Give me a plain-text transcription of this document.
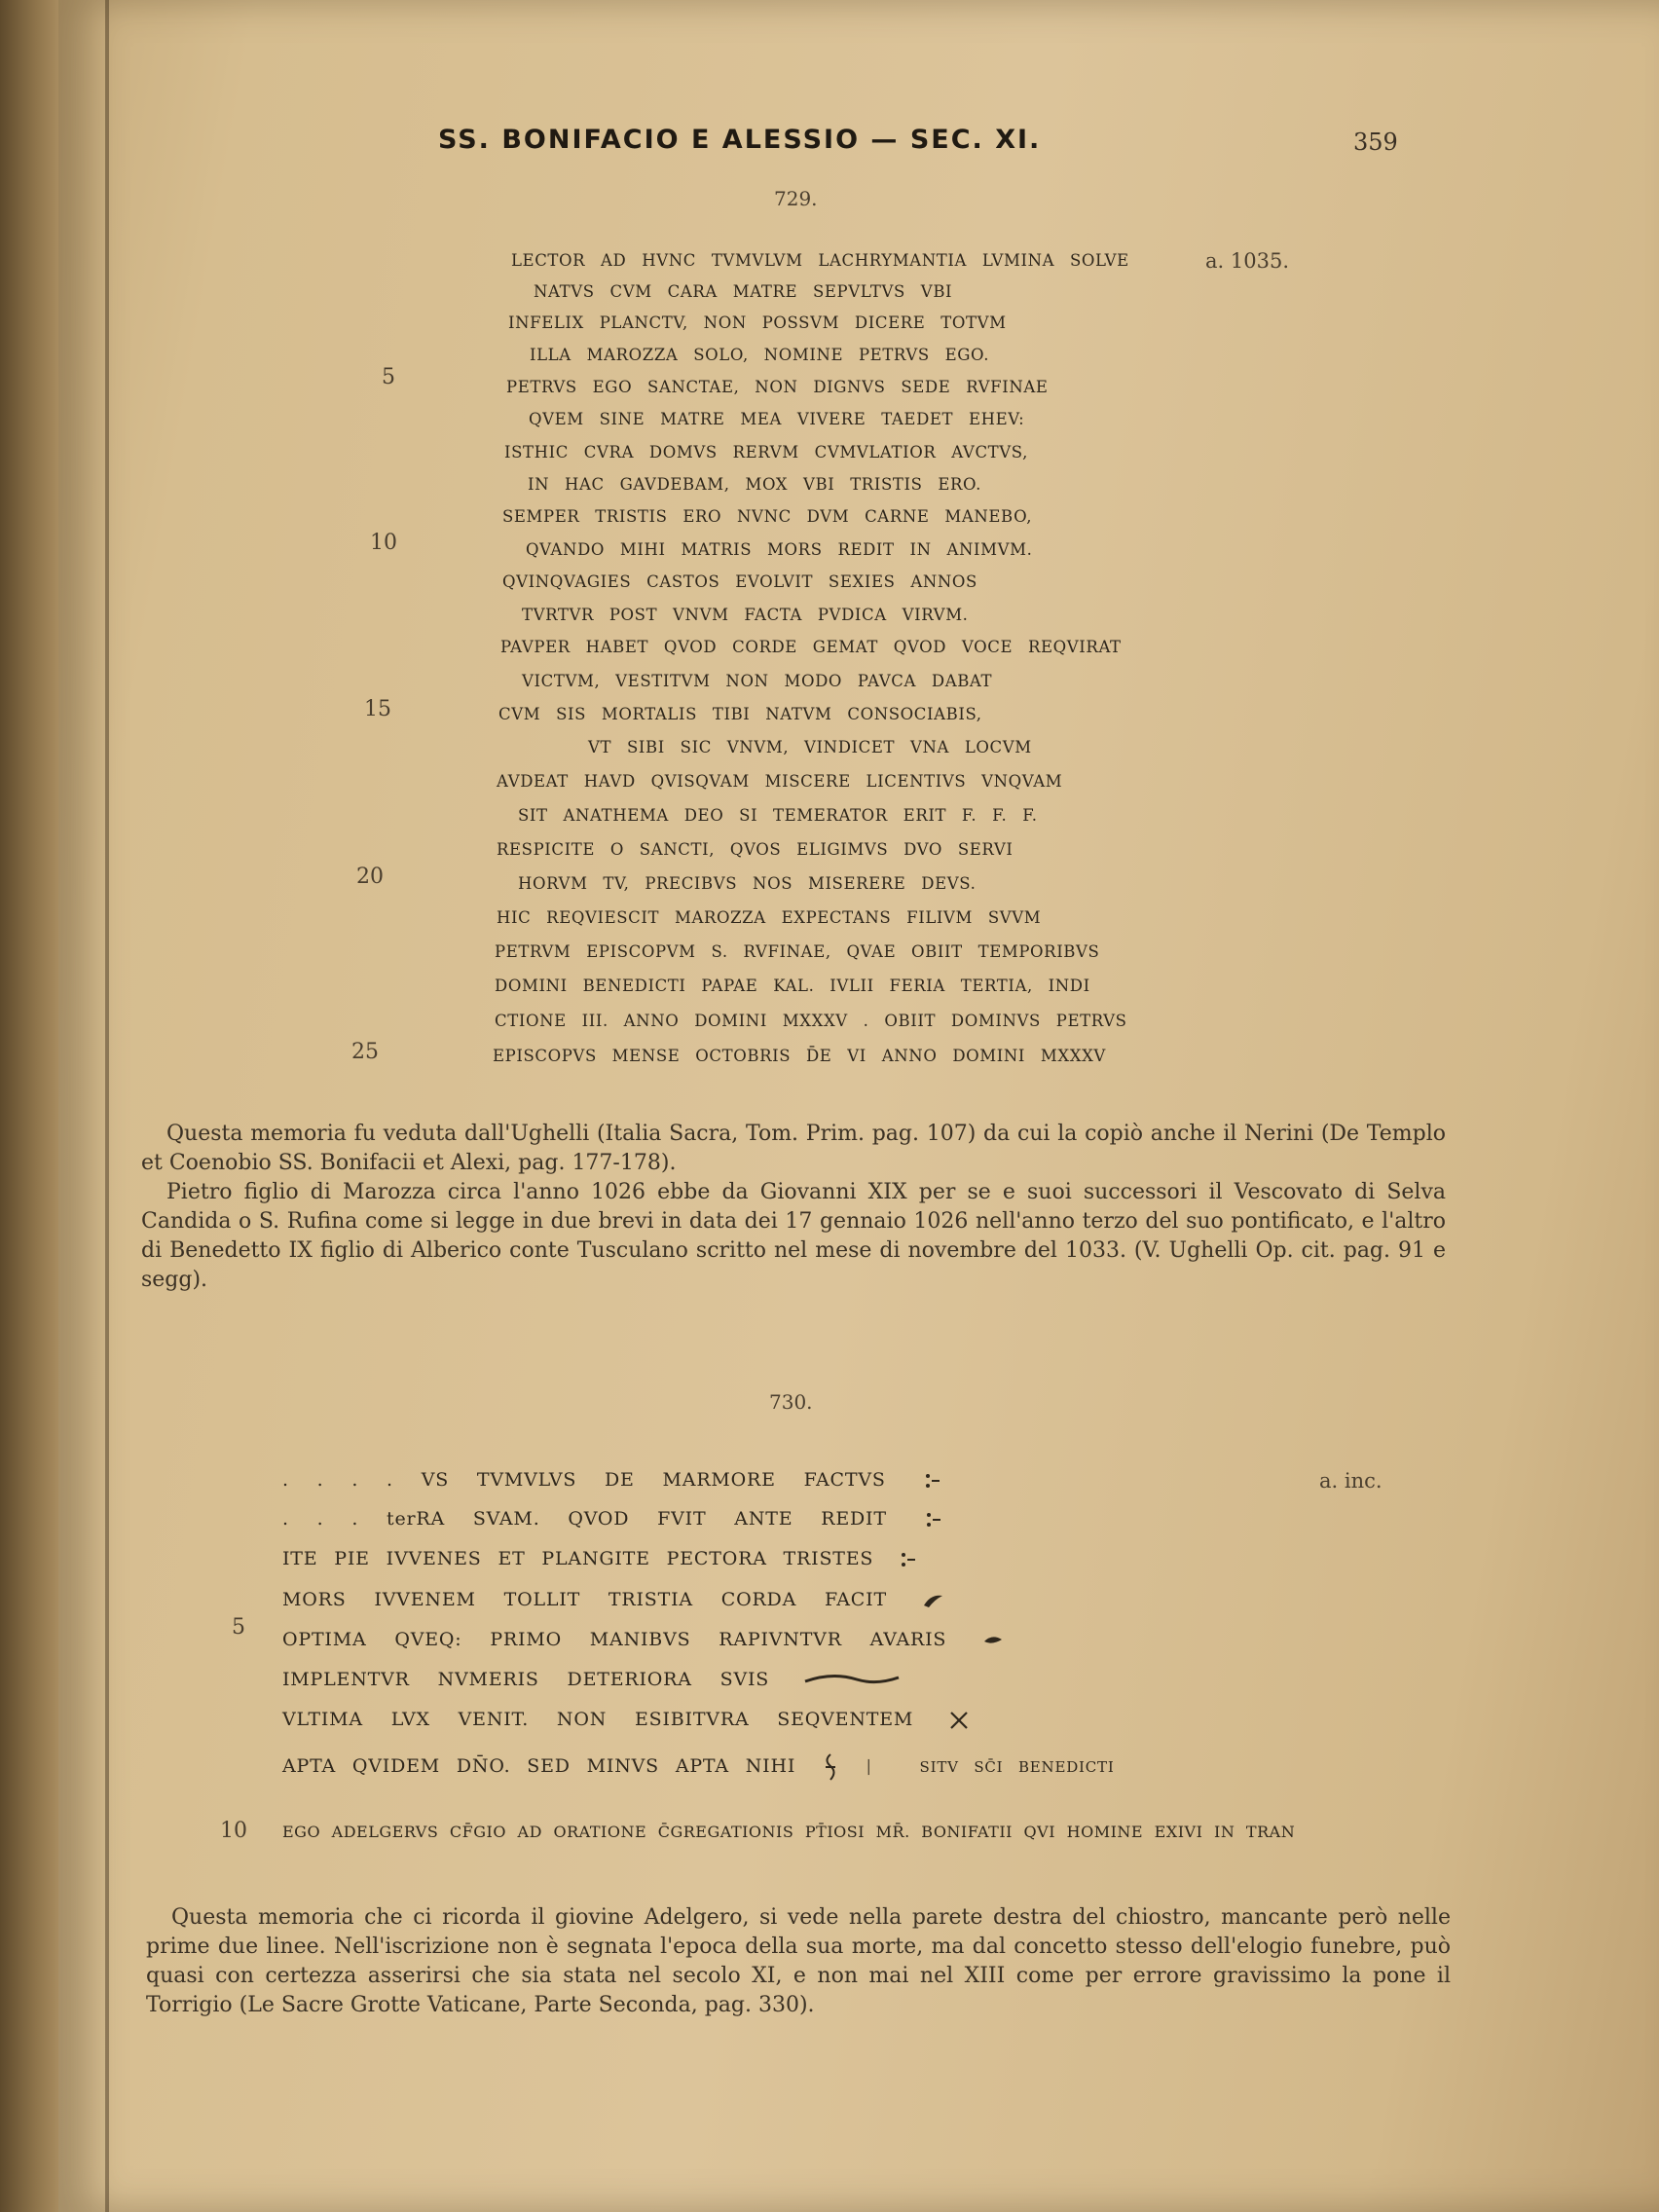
SS. BONIFACIO E ALESSIO — SEC. XI.	359
729.
a. 1035.
5
10
15
20
25
LECTOR AD HVNC TVMVLVM LACHRYMANTIA LVMINA SOLVE
NATVS CVM CARA MATRE SEPVLTVS VBI
INFELIX PLANCTV, NON POSSVM DICERE TOTVM
ILLA MAROZZA SOLO, NOMINE PETRVS EGO.
PETRVS EGO SANCTAE, NON DIGNVS SEDE RVFINAE
QVEM SINE MATRE MEA VIVERE TAEDET EHEV:
ISTHIC CVRA DOMVS RERVM CVMVLATIOR AVCTVS,
IN HAC GAVDEBAM, MOX VBI TRISTIS ERO.
SEMPER TRISTIS ERO NVNC DVM CARNE MANEBO,
QVANDO MIHI MATRIS MORS REDIT IN ANIMVM.
QVINQVAGIES CASTOS EVOLVIT SEXIES ANNOS
TVRTVR POST VNVM FACTA PVDICA VIRVM.
PAVPER HABET QVOD CORDE GEMAT QVOD VOCE REQVIRAT
VICTVM, VESTITVM NON MODO PAVCA DABAT
CVM SIS MORTALIS TIBI NATVM CONSOCIABIS,
VT SIBI SIC VNVM, VINDICET VNA LOCVM
AVDEAT HAVD QVISQVAM MISCERE LICENTIVS VNQVAM
SIT ANATHEMA DEO SI TEMERATOR ERIT F. F. F.
RESPICITE O SANCTI, QVOS ELIGIMVS DVO SERVI
HORVM TV, PRECIBVS NOS MISERERE DEVS.
HIC REQVIESCIT MAROZZA EXPECTANS FILIVM SVVM
PETRVM EPISCOPVM S. RVFINAE, QVAE OBIIT TEMPORIBVS
DOMINI BENEDICTI PAPAE KAL. IVLII FERIA TERTIA, INDI
CTIONE III. ANNO DOMINI MXXXV . OBIIT DOMINVS PETRVS
EPISCOPVS MENSE OCTOBRIS D̄E VI ANNO DOMINI MXXXV

Questa memoria fu veduta dall'Ughelli (Italia Sacra, Tom. Prim. pag. 107) da cui la copiò anche il Nerini (De Templo et Coenobio SS. Bonifacii et Alexi, pag. 177-178).

Pietro figlio di Marozza circa l'anno 1026 ebbe da Giovanni XIX per se e suoi successori il Vescovato di Selva Candida o S. Rufina come si legge in due brevi in data dei 17 gennaio 1026 nell'anno terzo del suo pontificato, e l'altro di Benedetto IX figlio di Alberico conte Tusculano scritto nel mese di novembre del 1033. (V. Ughelli Op. cit. pag. 91 e segg).

730.
a. inc.
5
10
. . . . VS TVMVLVS DE MARMORE FACTVS
. . . terRA SVAM. QVOD FVIT ANTE REDIT
ITE PIE IVVENES ET PLANGITE PECTORA TRISTES
MORS IVVENEM TOLLIT TRISTIA CORDA FACIT
OPTIMA QVEQ: PRIMO MANIBVS RAPIVNTVR AVARIS
IMPLENTVR NVMERIS DETERIORA SVIS
VLTIMA LVX VENIT. NON ESIBITVRA SEQVENTEM
APTA QVIDEM DN̄O. SED MINVS APTA NIHI	SITV SC̄I BENEDICTI
EGO ADELGERVS CF̄GIO AD ORATIONE C̄GREGATIONIS PT̄IOSI MR̄. BONIFATII QVI HOMINE EXIVI IN TRAN

Questa memoria che ci ricorda il giovine Adelgero, si vede nella parete destra del chiostro, mancante però nelle prime due linee. Nell'iscrizione non è segnata l'epoca della sua morte, ma dal concetto stesso dell'elogio funebre, può quasi con certezza asserirsi che sia stata nel secolo XI, e non mai nel XIII come per errore gravissimo la pone il Torrigio (Le Sacre Grotte Vaticane, Parte Seconda, pag. 330).
